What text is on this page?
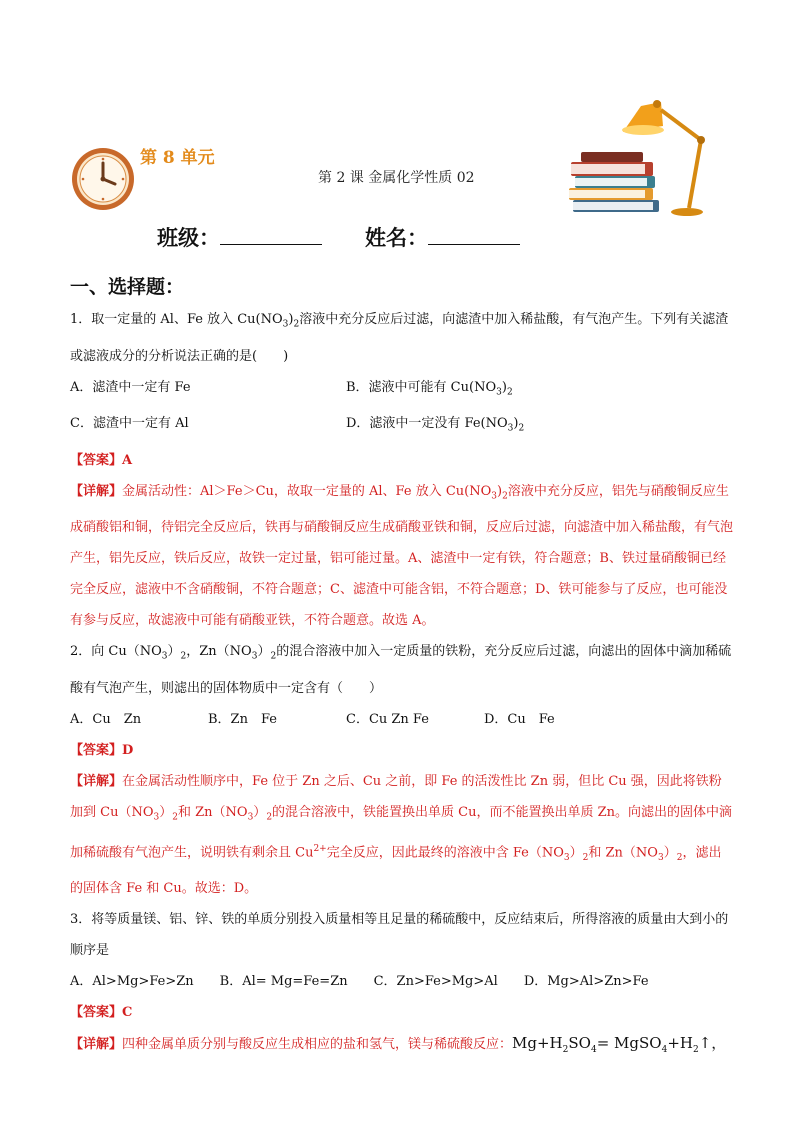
第 8 单元
第 2 课 金属化学性质 02
班级：	姓名：
一、选择题：

1．取一定量的 Al、Fe 放入 $Cu(NO_3)_2$溶液中充分反应后过滤，向滤渣中加入稀盐酸，有气泡产生。下列有关滤渣或滤液成分的分析说法正确的是(　　)

A．滤渣中一定有 Fe	B．滤液中可能有 $Cu(NO_3)_2$
C．滤渣中一定有 Al	D．滤液中一定没有 $Fe(NO_3)_2$

【答案】A

【详解】金属活动性：Al＞Fe＞Cu，故取一定量的 Al、Fe 放入 $Cu(NO_3)_2$溶液中充分反应，铝先与硝酸铜反应生成硝酸铝和铜，待铝完全反应后，铁再与硝酸铜反应生成硝酸亚铁和铜，反应后过滤，向滤渣中加入稀盐酸，有气泡产生，铝先反应，铁后反应，故铁一定过量，铝可能过量。A、滤渣中一定有铁，符合题意；B、铁过量硝酸铜已经完全反应，滤液中不含硝酸铜，不符合题意；C、滤渣中可能含铝，不符合题意；D、铁可能参与了反应，也可能没有参与反应，故滤液中可能有硝酸亚铁，不符合题意。故选 A。

2．向 $Cu(NO_3)_2$，$Zn(NO_3)_2$的混合溶液中加入一定质量的铁粉，充分反应后过滤，向滤出的固体中滴加稀硫酸有气泡产生，则滤出的固体物质中一定含有（　　）

A．Cu　Zn	B．Zn　Fe	C．Cu Zn Fe	D．Cu　Fe

【答案】D

【详解】在金属活动性顺序中，Fe 位于 Zn 之后、Cu 之前，即 Fe 的活泼性比 Zn 弱，但比 Cu 强，因此将铁粉加到 $Cu(NO_3)_2$和 $Zn(NO_3)_2$的混合溶液中，铁能置换出单质 Cu，而不能置换出单质 Zn。向滤出的固体中滴加稀硫酸有气泡产生，说明铁有剩余且 $Cu^{2+}$完全反应，因此最终的溶液中含 $Fe(NO_3)_2$和 $Zn(NO_3)_2$，滤出的固体含 Fe 和 Cu。故选：D。

3．将等质量镁、铝、锌、铁的单质分别投入质量相等且足量的稀硫酸中，反应结束后，所得溶液的质量由大到小的顺序是

A．Al>Mg>Fe>Zn B．Al= Mg=Fe=Zn C．Zn>Fe>Mg>Al D．Mg>Al>Zn>Fe

【答案】C

【详解】四种金属单质分别与酸反应生成相应的盐和氢气，镁与稀硫酸反应：$Mg+H_2SO_4=$ $MgSO_4+H_2↑$，
